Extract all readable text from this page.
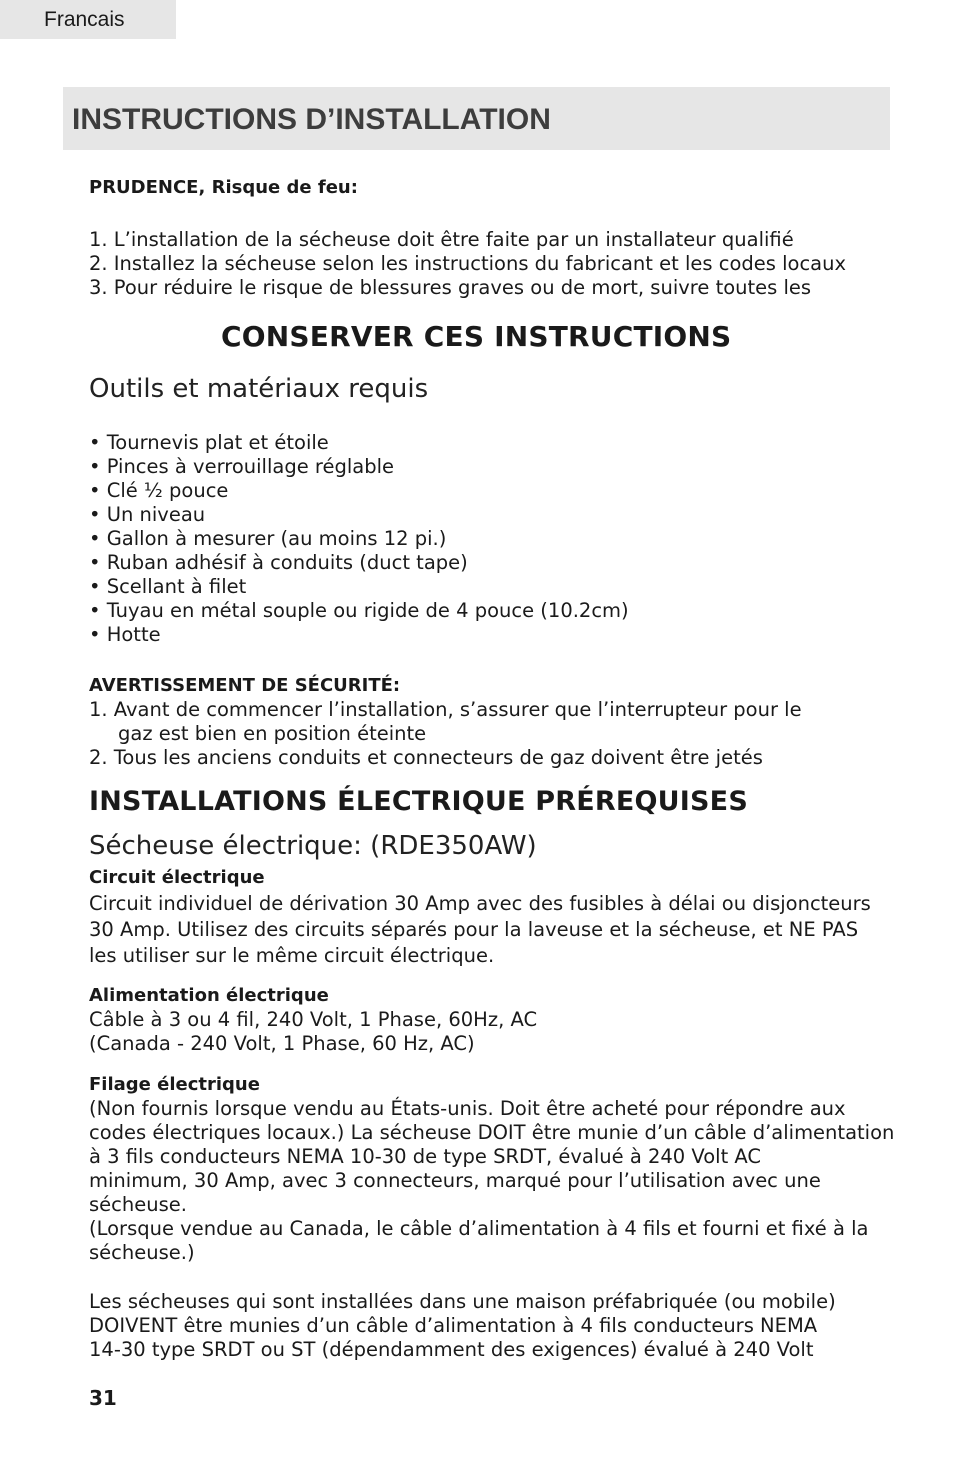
Francais
INSTRUCTIONS D’INSTALLATION
PRUDENCE, Risque de feu:
1. L’installation de la sécheuse doit être faite par un installateur qualifié
2. Installez la sécheuse selon les instructions du fabricant et les codes locaux
3. Pour réduire le risque de blessures graves ou de mort, suivre toutes les
CONSERVER CES INSTRUCTIONS
Outils et matériaux requis
• Tournevis plat et étoile
• Pinces à verrouillage réglable
• Clé ½ pouce
• Un niveau
• Gallon à mesurer (au moins 12 pi.)
• Ruban adhésif à conduits (duct tape)
• Scellant à filet
• Tuyau en métal souple ou rigide de 4 pouce (10.2cm)
• Hotte
AVERTISSEMENT DE SÉCURITÉ:
1. Avant de commencer l’installation, s’assurer que l’interrupteur pour le
gaz est bien en position éteinte
2. Tous les anciens conduits et connecteurs de gaz doivent être jetés
INSTALLATIONS ÉLECTRIQUE PRÉREQUISES
Sécheuse électrique: (RDE350AW)
Circuit électrique
Circuit individuel de dérivation 30 Amp avec des fusibles à délai ou disjoncteurs
30 Amp. Utilisez des circuits séparés pour la laveuse et la sécheuse, et NE PAS
les utiliser sur le même circuit électrique.
Alimentation électrique
Câble à 3 ou 4 fil, 240 Volt, 1 Phase, 60Hz, AC
(Canada - 240 Volt, 1 Phase, 60 Hz, AC)
Filage électrique
(Non fournis lorsque vendu au États-unis. Doit être acheté pour répondre aux
codes électriques locaux.) La sécheuse DOIT être munie d’un câble d’alimentation
à 3 fils conducteurs NEMA 10-30 de type SRDT, évalué à 240 Volt AC
minimum, 30 Amp, avec 3 connecteurs, marqué pour l’utilisation avec une
sécheuse.
(Lorsque vendue au Canada, le câble d’alimentation à 4 fils et fourni et fixé à la
sécheuse.)
Les sécheuses qui sont installées dans une maison préfabriquée (ou mobile)
DOIVENT être munies d’un câble d’alimentation à 4 fils conducteurs NEMA
14-30 type SRDT ou ST (dépendamment des exigences) évalué à 240 Volt
31
